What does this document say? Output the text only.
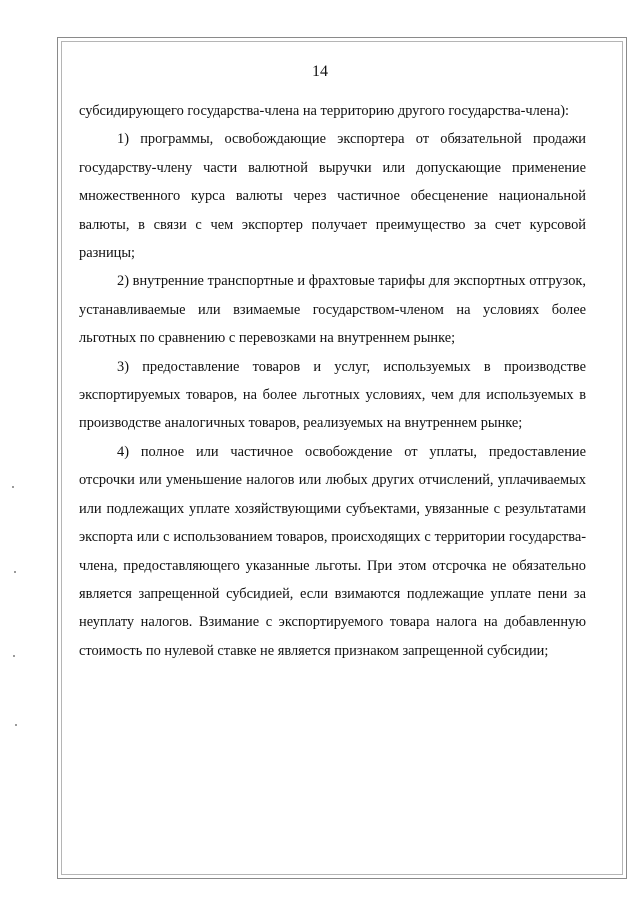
14

субсидирующего государства-члена на территорию другого государства-члена):

1) программы, освобождающие экспортера от обязательной продажи государству-члену части валютной выручки или допускающие применение множественного курса валюты через частичное обесценение национальной валюты, в связи с чем экспортер получает преимущество за счет курсовой разницы;

2) внутренние транспортные и фрахтовые тарифы для экспортных отгрузок, устанавливаемые или взимаемые государством-членом на условиях более льготных по сравнению с перевозками на внутреннем рынке;

3) предоставление товаров и услуг, используемых в производстве экспортируемых товаров, на более льготных условиях, чем для используемых в производстве аналогичных товаров, реализуемых на внутреннем рынке;

4) полное или частичное освобождение от уплаты, предоставление отсрочки или уменьшение налогов или любых других отчислений, уплачиваемых или подлежащих уплате хозяйствующими субъектами, увязанные с результатами экспорта или с использованием товаров, происходящих с территории государства-члена, предоставляющего указанные льготы. При этом отсрочка не обязательно является запрещенной субсидией, если взимаются подлежащие уплате пени за неуплату налогов. Взимание с экспортируемого товара налога на добавленную стоимость по нулевой ставке не является признаком запрещенной субсидии;
